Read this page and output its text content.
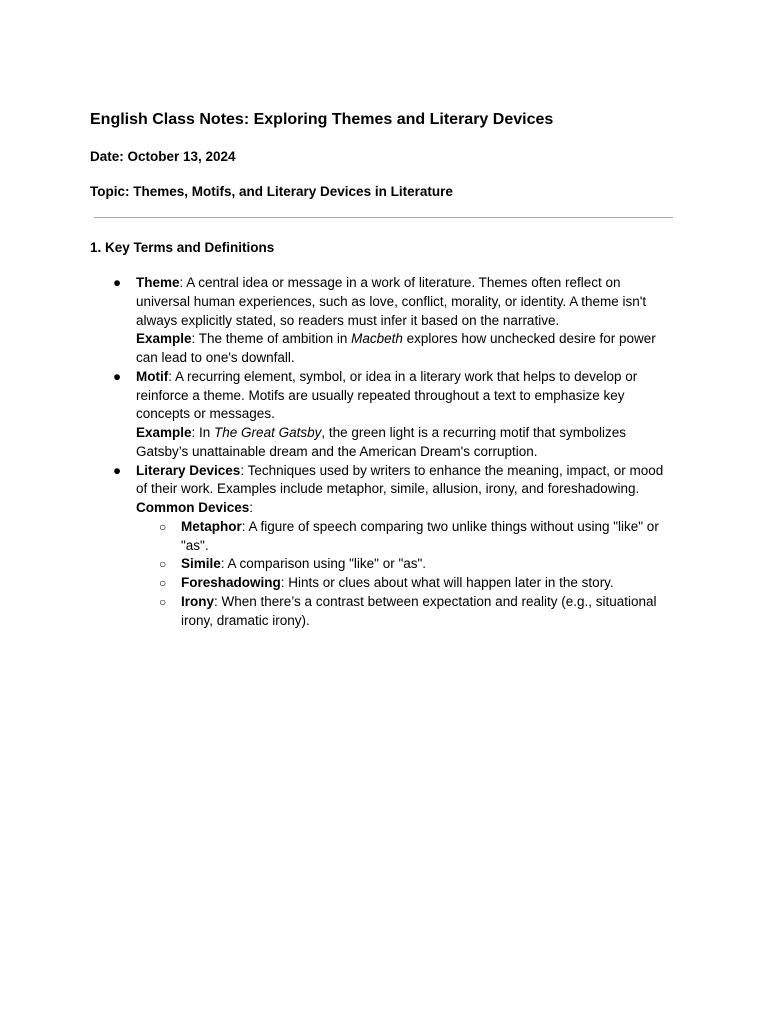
English Class Notes: Exploring Themes and Literary Devices

Date: October 13, 2024

Topic: Themes, Motifs, and Literary Devices in Literature

1. Key Terms and Definitions
● Theme: A central idea or message in a work of literature. Themes often reflect on universal human experiences, such as love, conflict, morality, or identity. A theme isn't always explicitly stated, so readers must infer it based on the narrative.
Example: The theme of ambition in Macbeth explores how unchecked desire for power can lead to one's downfall.
● Motif: A recurring element, symbol, or idea in a literary work that helps to develop or reinforce a theme. Motifs are usually repeated throughout a text to emphasize key concepts or messages.
Example: In The Great Gatsby, the green light is a recurring motif that symbolizes Gatsby’s unattainable dream and the American Dream's corruption.
● Literary Devices: Techniques used by writers to enhance the meaning, impact, or mood of their work. Examples include metaphor, simile, allusion, irony, and foreshadowing.
Common Devices:
○ Metaphor: A figure of speech comparing two unlike things without using "like" or "as".
○ Simile: A comparison using "like" or "as".
○ Foreshadowing: Hints or clues about what will happen later in the story.
○ Irony: When there’s a contrast between expectation and reality (e.g., situational irony, dramatic irony).
